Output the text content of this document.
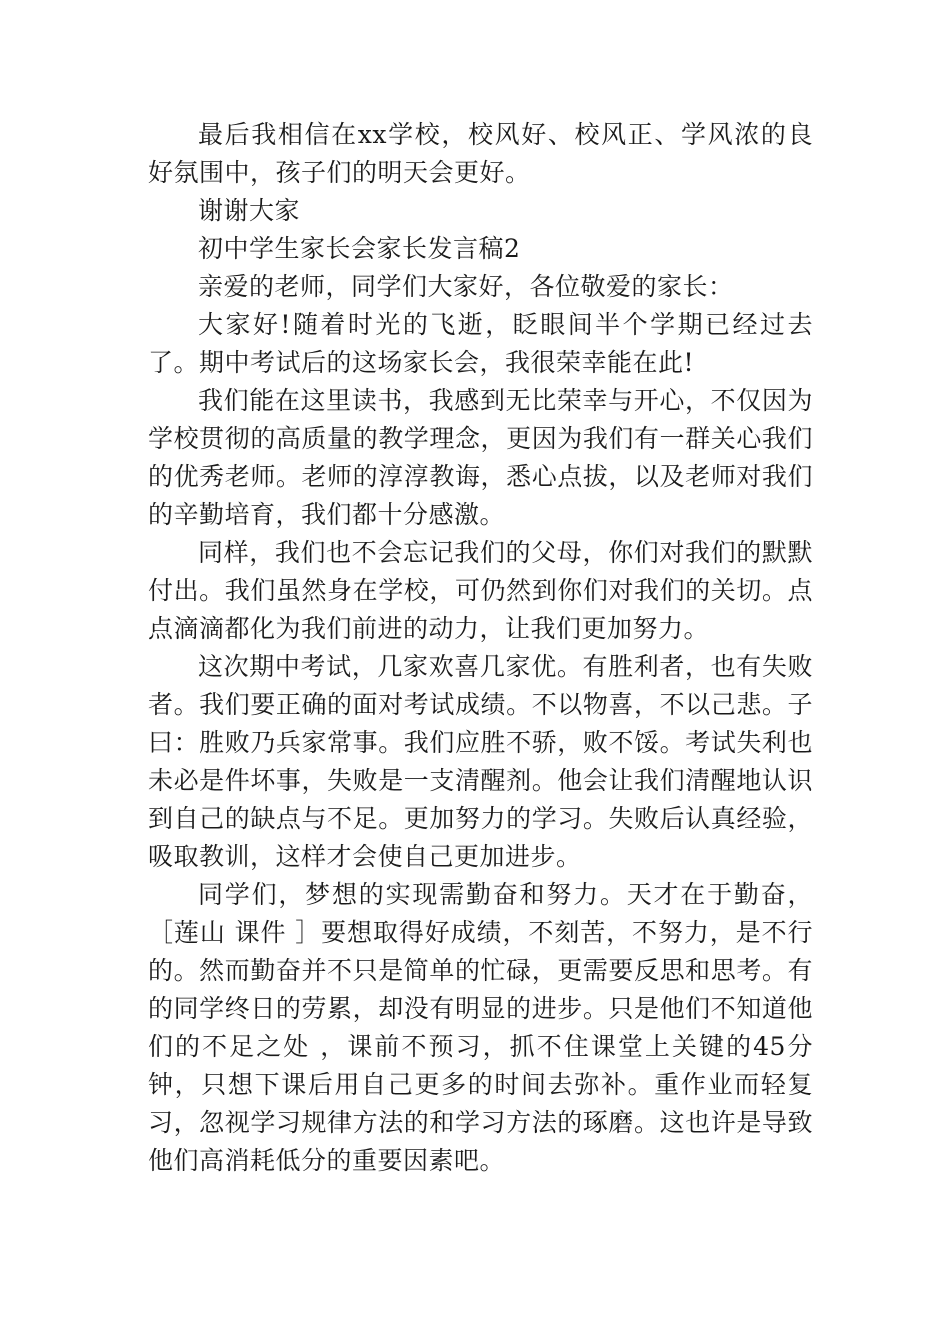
最后我相信在xx学校，校风好、校风正、学风浓的良好氛围中，孩子们的明天会更好。

谢谢大家

初中学生家长会家长发言稿2

亲爱的老师，同学们大家好，各位敬爱的家长：

大家好!随着时光的飞逝，眨眼间半个学期已经过去了。期中考试后的这场家长会，我很荣幸能在此!

我们能在这里读书，我感到无比荣幸与开心，不仅因为学校贯彻的高质量的教学理念，更因为我们有一群关心我们的优秀老师。老师的淳淳教诲，悉心点拔，以及老师对我们的辛勤培育，我们都十分感激。

同样，我们也不会忘记我们的父母，你们对我们的默默付出。我们虽然身在学校，可仍然到你们对我们的关切。点点滴滴都化为我们前进的动力，让我们更加努力。

这次期中考试，几家欢喜几家优。有胜利者，也有失败者。我们要正确的面对考试成绩。不以物喜，不以己悲。子曰：胜败乃兵家常事。我们应胜不骄，败不馁。考试失利也未必是件坏事，失败是一支清醒剂。他会让我们清醒地认识到自己的缺点与不足。更加努力的学习。失败后认真经验，吸取教训，这样才会使自己更加进步。

同学们，梦想的实现需勤奋和努力。天才在于勤奋，［莲山 课件 ］要想取得好成绩，不刻苦，不努力，是不行的。然而勤奋并不只是简单的忙碌，更需要反思和思考。有的同学终日的劳累，却没有明显的进步。只是他们不知道他们的不足之处 ，课前不预习，抓不住课堂上关键的45分钟，只想下课后用自己更多的时间去弥补。重作业而轻复习，忽视学习规律方法的和学习方法的琢磨。这也许是导致他们高消耗低分的重要因素吧。
